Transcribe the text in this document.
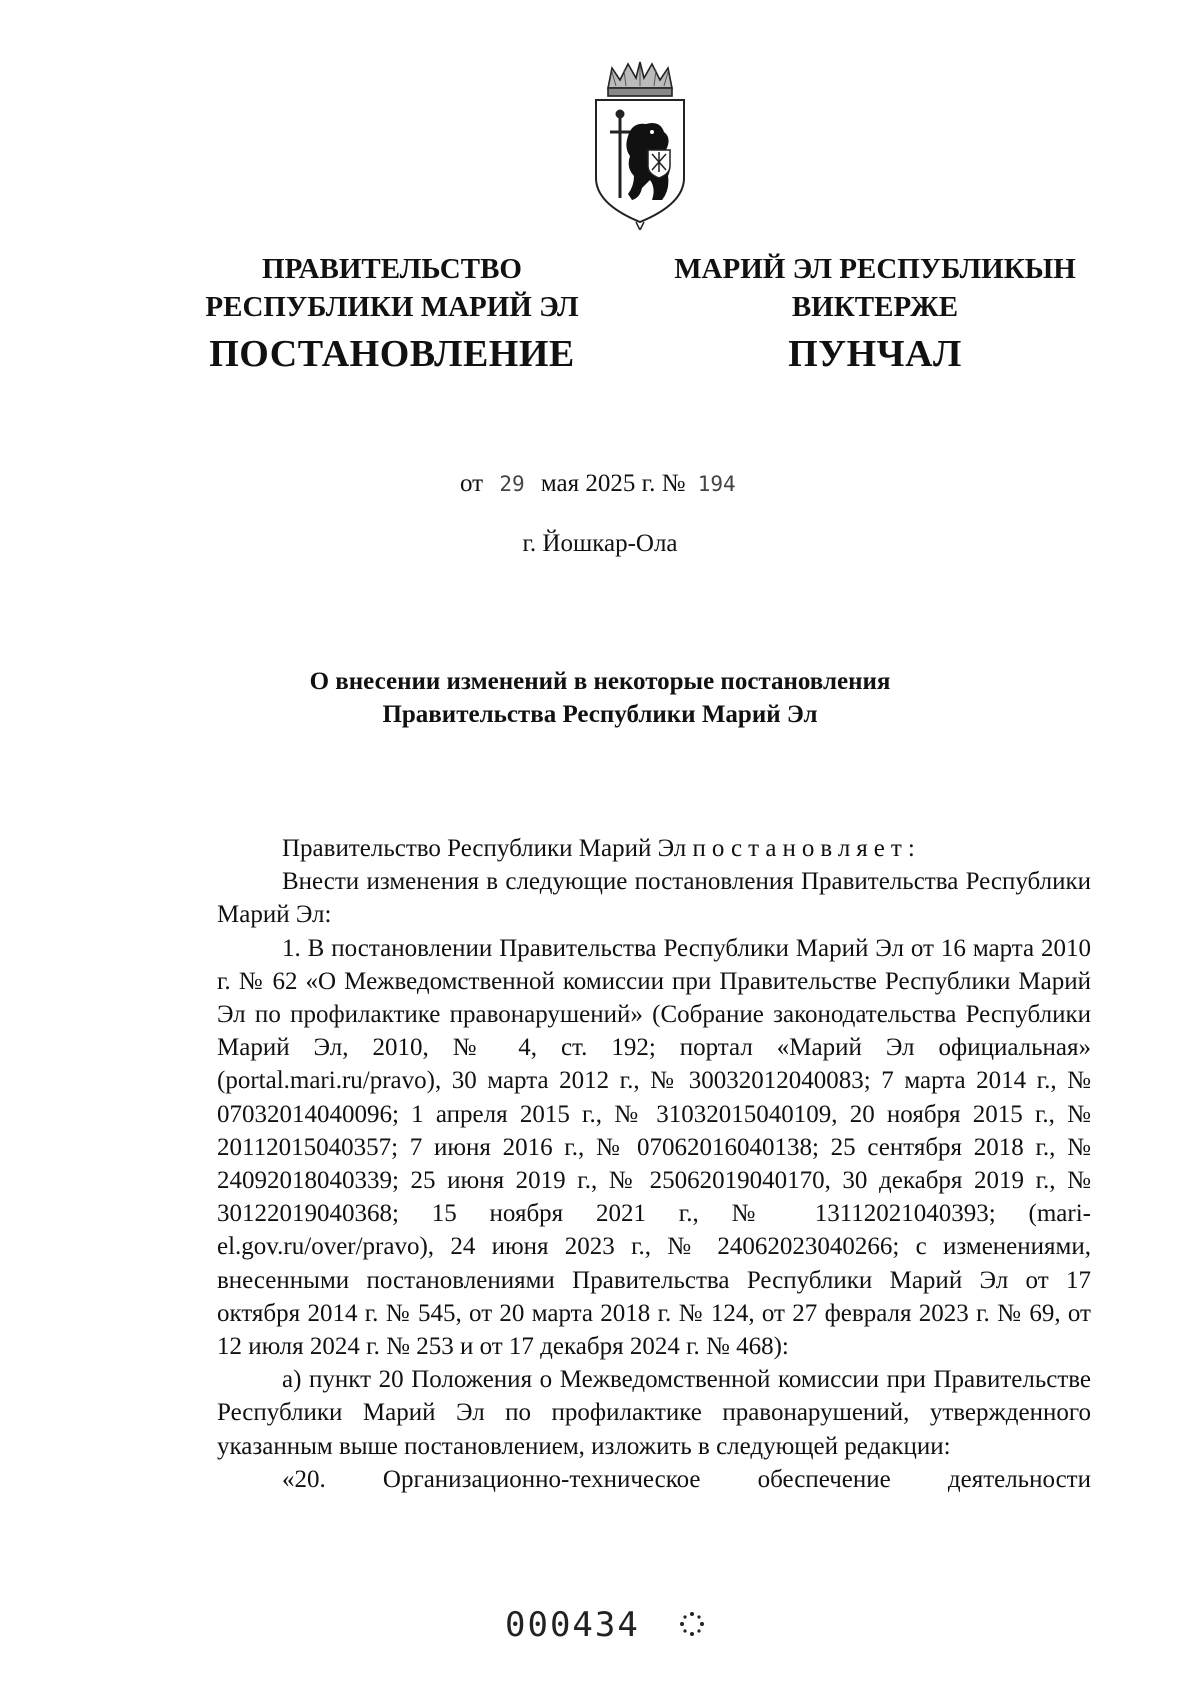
ПРАВИТЕЛЬСТВО
РЕСПУБЛИКИ МАРИЙ ЭЛ
МАРИЙ ЭЛ РЕСПУБЛИКЫН
ВИКТЕРЖЕ
ПОСТАНОВЛЕНИЕ	ПУНЧАЛ
от 29 мая 2025 г. № 194
г. Йошкар-Ола
О внесении изменений в некоторые постановления
Правительства Республики Марий Эл

Правительство Республики Марий Эл постановляет:

Внести изменения в следующие постановления Правительства Республики Марий Эл:

1. В постановлении Правительства Республики Марий Эл от 16 марта 2010 г. № 62 «О Межведомственной комиссии при Правительстве Республики Марий Эл по профилактике правонарушений» (Собрание законодательства Республики Марий Эл, 2010, № 4, ст. 192; портал «Марий Эл официальная» (portal.mari.ru/pravo), 30 марта 2012 г., № 30032012040083; 7 марта 2014 г., № 07032014040096; 1 апреля 2015 г., № 31032015040109, 20 ноября 2015 г., № 20112015040357; 7 июня 2016 г., № 07062016040138; 25 сентября 2018 г., № 24092018040339; 25 июня 2019 г., № 25062019040170, 30 декабря 2019 г., № 30122019040368; 15 ноября 2021 г., № 13112021040393; (mari-el.gov.ru/over/pravo), 24 июня 2023 г., № 24062023040266; с изменениями, внесенными постановлениями Правительства Республики Марий Эл от 17 октября 2014 г. № 545, от 20 марта 2018 г. № 124, от 27 февраля 2023 г. № 69, от 12 июля 2024 г. № 253 и от 17 декабря 2024 г. № 468):

а) пункт 20 Положения о Межведомственной комиссии при Правительстве Республики Марий Эл по профилактике правонарушений, утвержденного указанным выше постановлением, изложить в следующей редакции:

«20. Организационно-техническое обеспечение деятельности

000434
